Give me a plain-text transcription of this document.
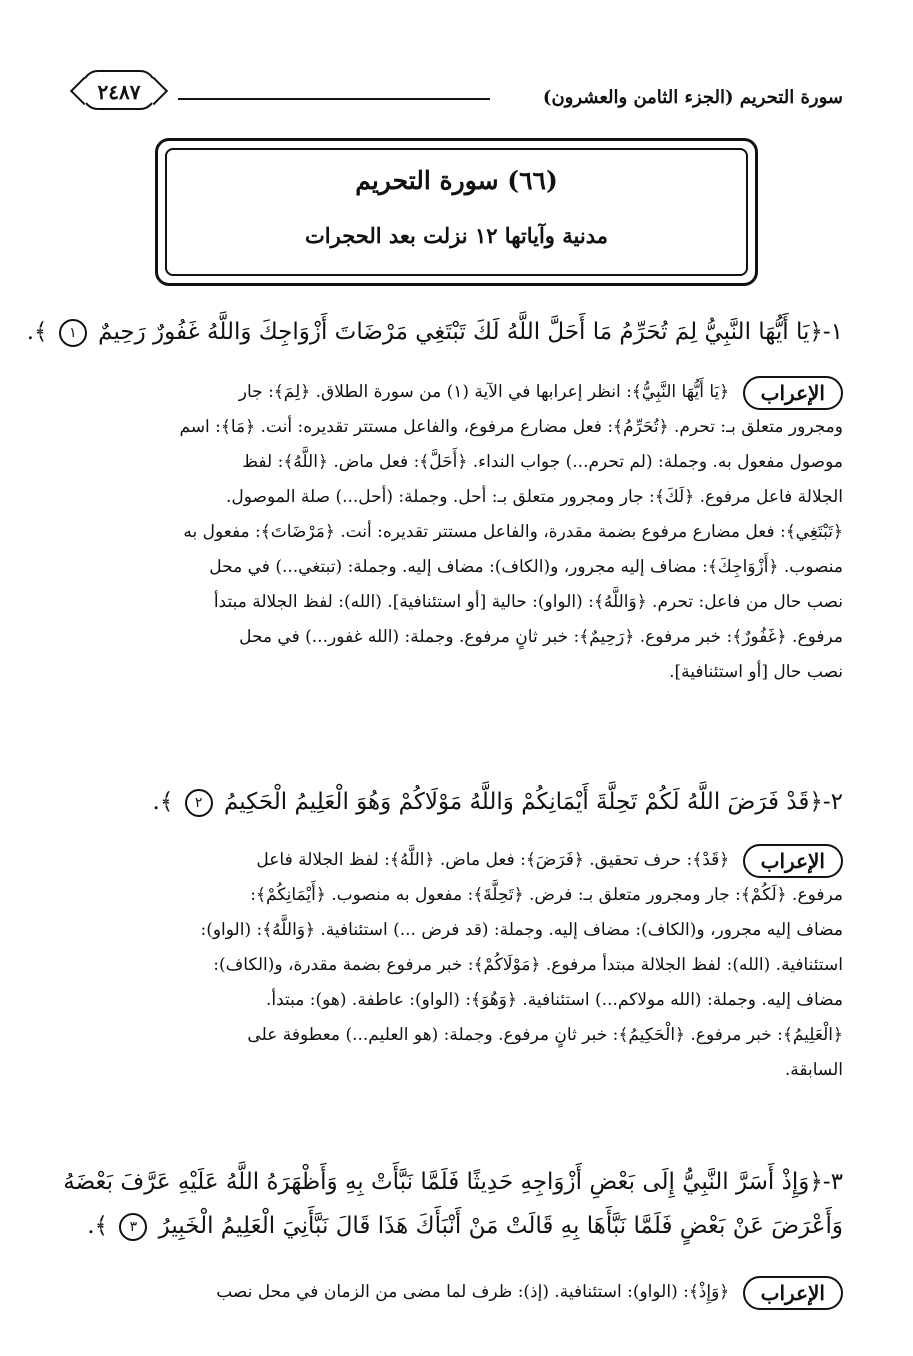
سورة التحريم (الجزء الثامن والعشرون)
٢٤٨٧
(٦٦) سورة التحريم
مدنية وآياتها ١٢ نزلت بعد الحجرات
١-﴿يَا أَيُّهَا النَّبِيُّ لِمَ تُحَرِّمُ مَا أَحَلَّ اللَّهُ لَكَ تَبْتَغِي مَرْضَاتَ أَزْوَاجِكَ وَاللَّهُ غَفُورٌ رَحِيمٌ ١ ﴾.
الإعراب ﴿يَا أَيُّهَا النَّبِيُّ﴾: انظر إعرابها في الآية (١) من سورة الطلاق. ﴿لِمَ﴾: جار
ومجرور متعلق بـ: تحرم. ﴿تُحَرِّمُ﴾: فعل مضارع مرفوع، والفاعل مستتر تقديره: أنت. ﴿مَا﴾: اسم
موصول مفعول به. وجملة: (لم تحرم...) جواب النداء. ﴿أَحَلَّ﴾: فعل ماض. ﴿اللَّهُ﴾: لفظ
الجلالة فاعل مرفوع. ﴿لَكَ﴾: جار ومجرور متعلق بـ: أحل. وجملة: (أحل...) صلة الموصول.
﴿تَبْتَغِي﴾: فعل مضارع مرفوع بضمة مقدرة، والفاعل مستتر تقديره: أنت. ﴿مَرْضَاتَ﴾: مفعول به
منصوب. ﴿أَزْوَاجِكَ﴾: مضاف إليه مجرور، و(الكاف): مضاف إليه. وجملة: (تبتغي...) في محل
نصب حال من فاعل: تحرم. ﴿وَاللَّهُ﴾: (الواو): حالية [أو استئنافية]. (الله): لفظ الجلالة مبتدأ
مرفوع. ﴿غَفُورٌ﴾: خبر مرفوع. ﴿رَحِيمٌ﴾: خبر ثانٍ مرفوع. وجملة: (الله غفور...) في محل
نصب حال [أو استئنافية].
٢-﴿قَدْ فَرَضَ اللَّهُ لَكُمْ تَحِلَّةَ أَيْمَانِكُمْ وَاللَّهُ مَوْلَاكُمْ وَهُوَ الْعَلِيمُ الْحَكِيمُ ٢ ﴾.
الإعراب ﴿قَدْ﴾: حرف تحقيق. ﴿فَرَضَ﴾: فعل ماض. ﴿اللَّهُ﴾: لفظ الجلالة فاعل
مرفوع. ﴿لَكُمْ﴾: جار ومجرور متعلق بـ: فرض. ﴿تَحِلَّةَ﴾: مفعول به منصوب. ﴿أَيْمَانِكُمْ﴾:
مضاف إليه مجرور، و(الكاف): مضاف إليه. وجملة: (قد فرض ...) استئنافية. ﴿وَاللَّهُ﴾: (الواو):
استئنافية. (الله): لفظ الجلالة مبتدأ مرفوع. ﴿مَوْلَاكُمْ﴾: خبر مرفوع بضمة مقدرة، و(الكاف):
مضاف إليه. وجملة: (الله مولاكم...) استئنافية. ﴿وَهُوَ﴾: (الواو): عاطفة. (هو): مبتدأ.
﴿الْعَلِيمُ﴾: خبر مرفوع. ﴿الْحَكِيمُ﴾: خبر ثانٍ مرفوع. وجملة: (هو العليم...) معطوفة على
السابقة.
٣-﴿وَإِذْ أَسَرَّ النَّبِيُّ إِلَى بَعْضِ أَزْوَاجِهِ حَدِيثًا فَلَمَّا نَبَّأَتْ بِهِ وَأَظْهَرَهُ اللَّهُ عَلَيْهِ عَرَّفَ بَعْضَهُ
وَأَعْرَضَ عَنْ بَعْضٍ فَلَمَّا نَبَّأَهَا بِهِ قَالَتْ مَنْ أَنْبَأَكَ هَذَا قَالَ نَبَّأَنِيَ الْعَلِيمُ الْخَبِيرُ ٣ ﴾.
الإعراب ﴿وَإِذْ﴾: (الواو): استئنافية. (إذ): ظرف لما مضى من الزمان في محل نصب
